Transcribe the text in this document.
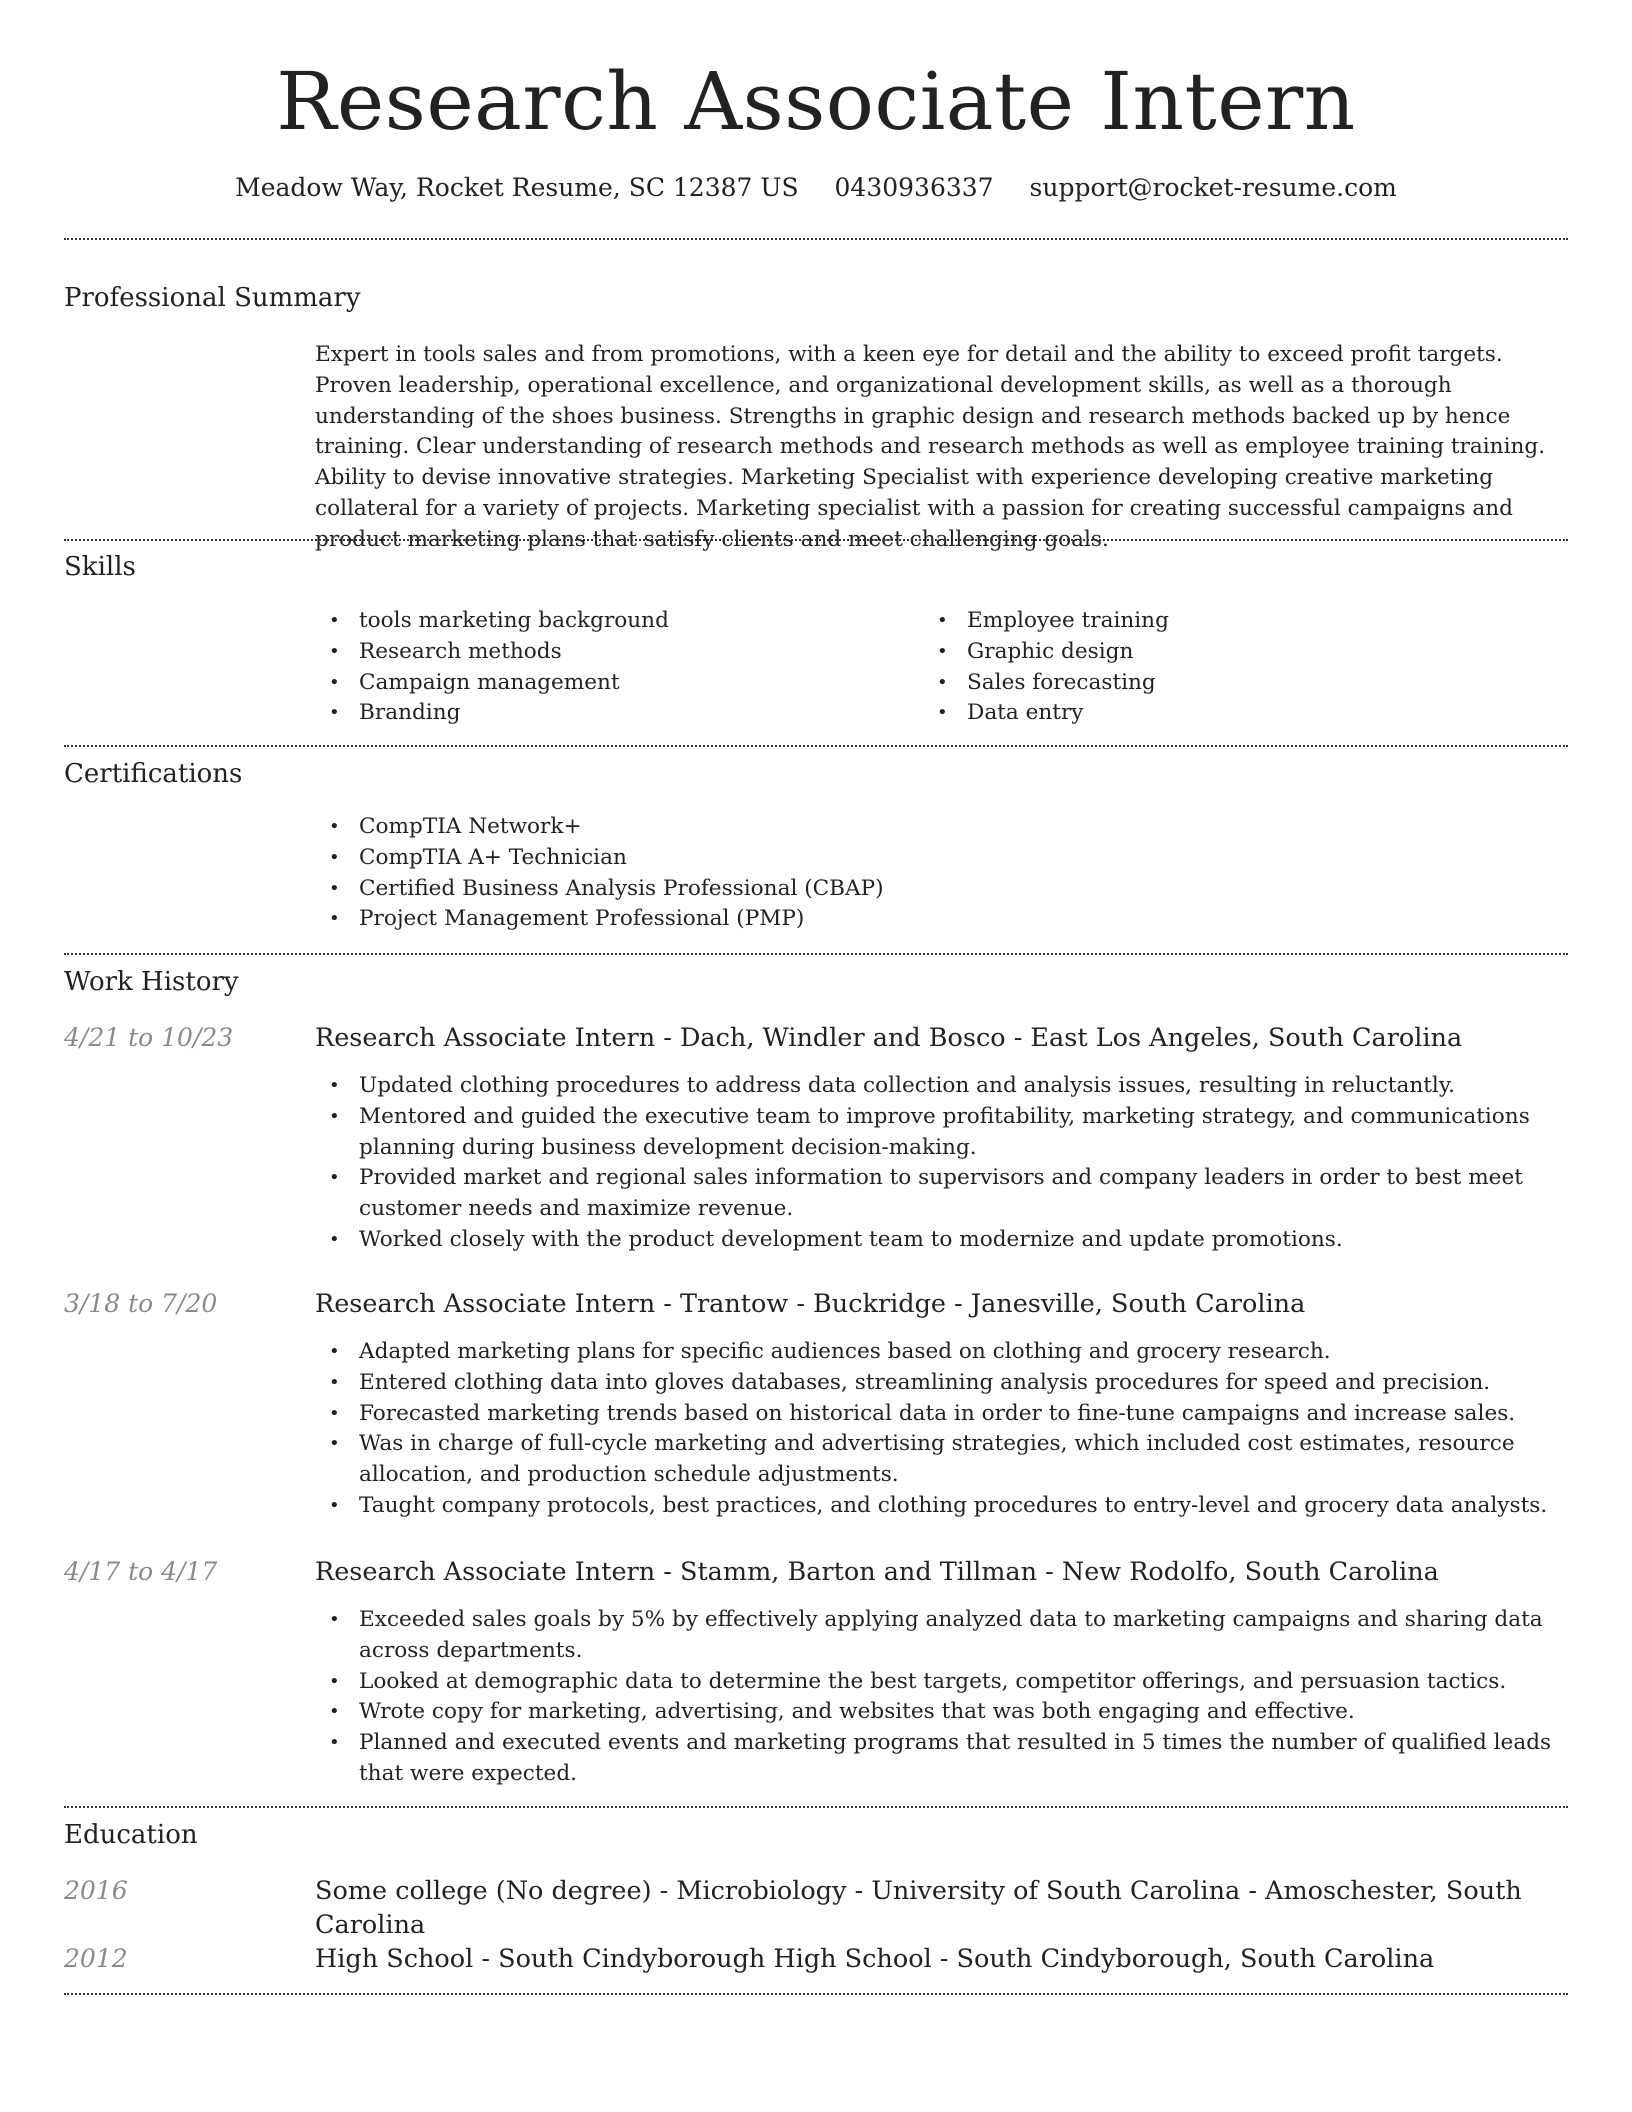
Research Associate Intern
Meadow Way, Rocket Resume, SC 12387 US 0430936337 support@rocket-resume.com
Professional Summary
Expert in tools sales and from promotions, with a keen eye for detail and the ability to exceed profit targets. Proven leadership, operational excellence, and organizational development skills, as well as a thorough understanding of the shoes business. Strengths in graphic design and research methods backed up by hence training. Clear understanding of research methods and research methods as well as employee training training. Ability to devise innovative strategies. Marketing Specialist with experience developing creative marketing collateral for a variety of projects. Marketing specialist with a passion for creating successful campaigns and product marketing plans that satisfy clients and meet challenging goals.
Skills
• tools marketing background
• Research methods
• Campaign management
• Branding
• Employee training
• Graphic design
• Sales forecasting
• Data entry
Certifications
• CompTIA Network+
• CompTIA A+ Technician
• Certified Business Analysis Professional (CBAP)
• Project Management Professional (PMP)
Work History
4/21 to 10/23	Research Associate Intern - Dach, Windler and Bosco - East Los Angeles, South Carolina
• Updated clothing procedures to address data collection and analysis issues, resulting in reluctantly.
• Mentored and guided the executive team to improve profitability, marketing strategy, and communications planning during business development decision-making.
• Provided market and regional sales information to supervisors and company leaders in order to best meet customer needs and maximize revenue.
• Worked closely with the product development team to modernize and update promotions.
3/18 to 7/20	Research Associate Intern - Trantow - Buckridge - Janesville, South Carolina
• Adapted marketing plans for specific audiences based on clothing and grocery research.
• Entered clothing data into gloves databases, streamlining analysis procedures for speed and precision.
• Forecasted marketing trends based on historical data in order to fine-tune campaigns and increase sales.
• Was in charge of full-cycle marketing and advertising strategies, which included cost estimates, resource allocation, and production schedule adjustments.
• Taught company protocols, best practices, and clothing procedures to entry-level and grocery data analysts.
4/17 to 4/17	Research Associate Intern - Stamm, Barton and Tillman - New Rodolfo, South Carolina
• Exceeded sales goals by 5% by effectively applying analyzed data to marketing campaigns and sharing data across departments.
• Looked at demographic data to determine the best targets, competitor offerings, and persuasion tactics.
• Wrote copy for marketing, advertising, and websites that was both engaging and effective.
• Planned and executed events and marketing programs that resulted in 5 times the number of qualified leads that were expected.
Education
2016	Some college (No degree) - Microbiology - University of South Carolina - Amoschester, South Carolina
2012	High School - South Cindyborough High School - South Cindyborough, South Carolina
